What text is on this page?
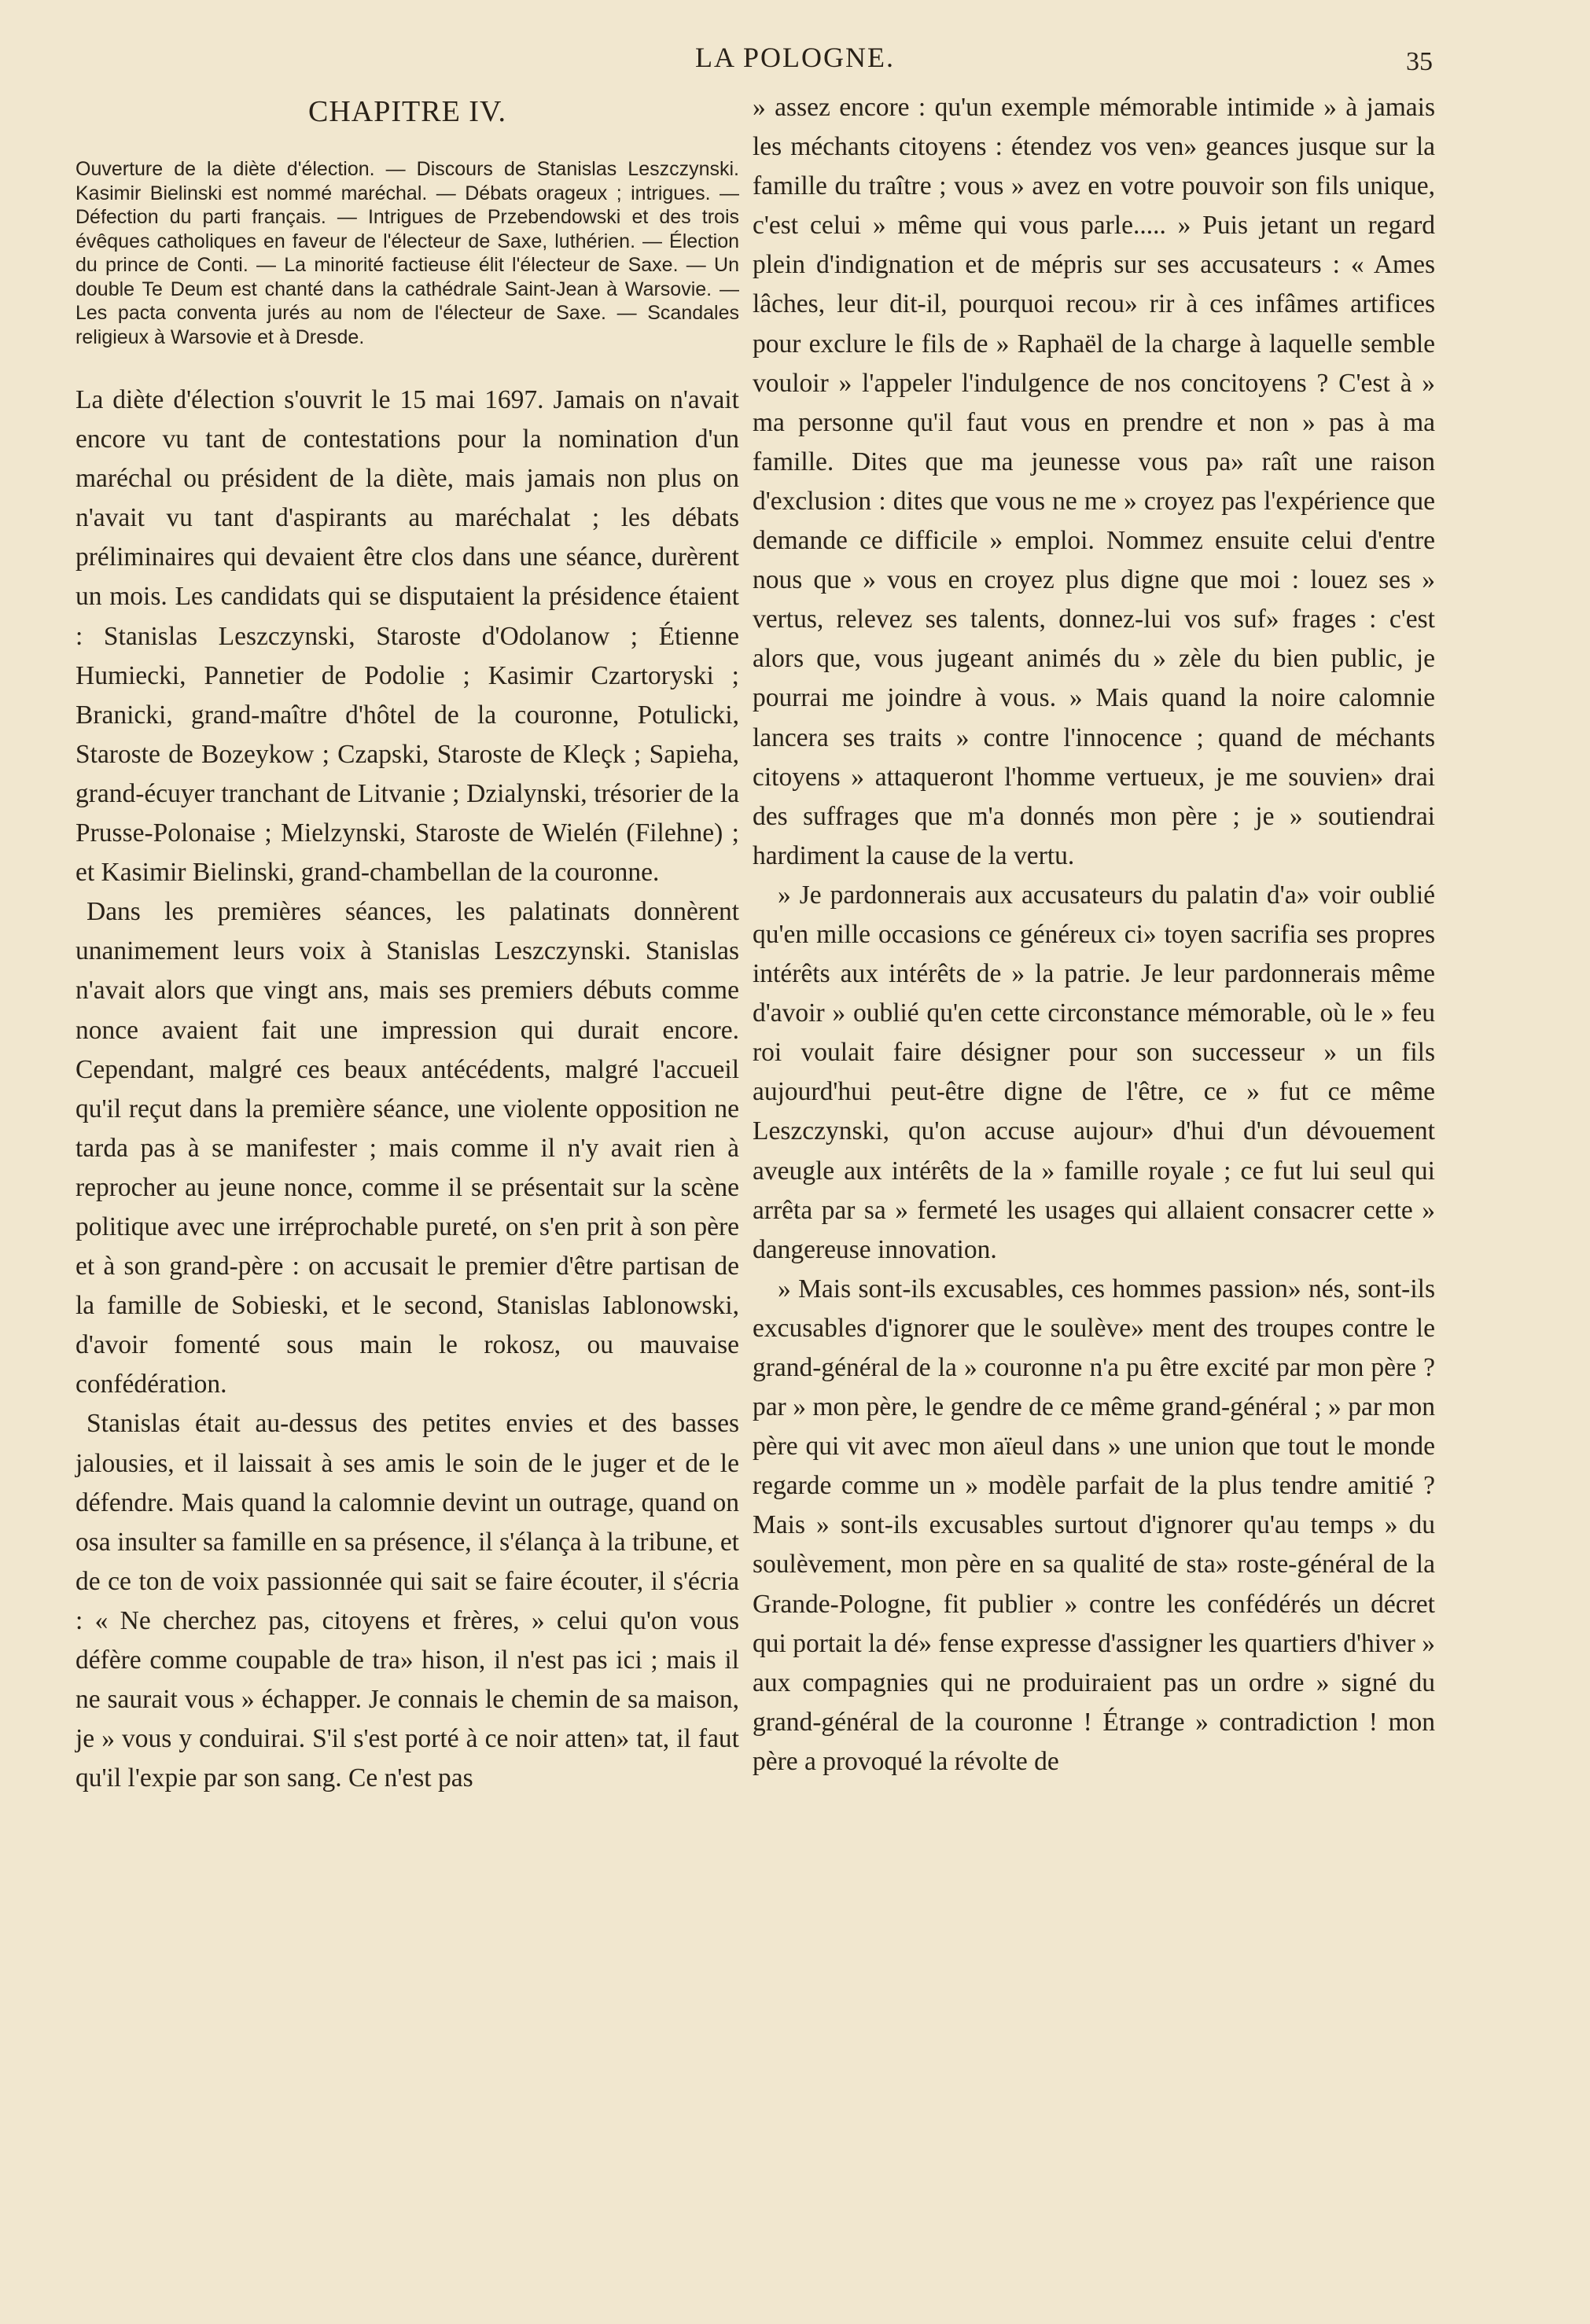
LA POLOGNE.	35
CHAPITRE IV.
Ouverture de la diète d'élection. — Discours de Stanislas Leszczynski. Kasimir Bielinski est nommé maréchal. — Débats orageux ; intrigues. — Défection du parti français. — Intrigues de Przebendowski et des trois évêques catholiques en faveur de l'électeur de Saxe, luthérien. — Élection du prince de Conti. — La minorité factieuse élit l'électeur de Saxe. — Un double Te Deum est chanté dans la cathédrale Saint-Jean à Warsovie. — Les pacta conventa jurés au nom de l'électeur de Saxe. — Scandales religieux à Warsovie et à Dresde.

La diète d'élection s'ouvrit le 15 mai 1697. Jamais on n'avait encore vu tant de contestations pour la nomination d'un maréchal ou président de la diète, mais jamais non plus on n'avait vu tant d'aspirants au maréchalat ; les débats préliminaires qui devaient être clos dans une séance, durèrent un mois. Les candidats qui se disputaient la présidence étaient : Stanislas Leszczynski, Staroste d'Odolanow ; Étienne Humiecki, Pannetier de Podolie ; Kasimir Czartoryski ; Branicki, grand-maître d'hôtel de la couronne, Potulicki, Staroste de Bozeykow ; Czapski, Staroste de Kleçk ; Sapieha, grand-écuyer tranchant de Litvanie ; Dzialynski, trésorier de la Prusse-Polonaise ; Mielzynski, Staroste de Wielén (Filehne) ; et Kasimir Bielinski, grand-chambellan de la couronne.

Dans les premières séances, les palatinats donnèrent unanimement leurs voix à Stanislas Leszczynski. Stanislas n'avait alors que vingt ans, mais ses premiers débuts comme nonce avaient fait une impression qui durait encore. Cependant, malgré ces beaux antécédents, malgré l'accueil qu'il reçut dans la première séance, une violente opposition ne tarda pas à se manifester ; mais comme il n'y avait rien à reprocher au jeune nonce, comme il se présentait sur la scène politique avec une irréprochable pureté, on s'en prit à son père et à son grand-père : on accusait le premier d'être partisan de la famille de Sobieski, et le second, Stanislas Iablonowski, d'avoir fomenté sous main le rokosz, ou mauvaise confédération.

Stanislas était au-dessus des petites envies et des basses jalousies, et il laissait à ses amis le soin de le juger et de le défendre. Mais quand la calomnie devint un outrage, quand on osa insulter sa famille en sa présence, il s'élança à la tribune, et de ce ton de voix passionnée qui sait se faire écouter, il s'écria : « Ne cherchez pas, citoyens et frères, » celui qu'on vous défère comme coupable de tra» hison, il n'est pas ici ; mais il ne saurait vous » échapper. Je connais le chemin de sa maison, je » vous y conduirai. S'il s'est porté à ce noir atten» tat, il faut qu'il l'expie par son sang. Ce n'est pas

» assez encore : qu'un exemple mémorable intimide » à jamais les méchants citoyens : étendez vos ven» geances jusque sur la famille du traître ; vous » avez en votre pouvoir son fils unique, c'est celui » même qui vous parle..... » Puis jetant un regard plein d'indignation et de mépris sur ses accusateurs : « Ames lâches, leur dit-il, pourquoi recou» rir à ces infâmes artifices pour exclure le fils de » Raphaël de la charge à laquelle semble vouloir » l'appeler l'indulgence de nos concitoyens ? C'est à » ma personne qu'il faut vous en prendre et non » pas à ma famille. Dites que ma jeunesse vous pa» raît une raison d'exclusion : dites que vous ne me » croyez pas l'expérience que demande ce difficile » emploi. Nommez ensuite celui d'entre nous que » vous en croyez plus digne que moi : louez ses » vertus, relevez ses talents, donnez-lui vos suf» frages : c'est alors que, vous jugeant animés du » zèle du bien public, je pourrai me joindre à vous. » Mais quand la noire calomnie lancera ses traits » contre l'innocence ; quand de méchants citoyens » attaqueront l'homme vertueux, je me souvien» drai des suffrages que m'a donnés mon père ; je » soutiendrai hardiment la cause de la vertu.

» Je pardonnerais aux accusateurs du palatin d'a» voir oublié qu'en mille occasions ce généreux ci» toyen sacrifia ses propres intérêts aux intérêts de » la patrie. Je leur pardonnerais même d'avoir » oublié qu'en cette circonstance mémorable, où le » feu roi voulait faire désigner pour son successeur » un fils aujourd'hui peut-être digne de l'être, ce » fut ce même Leszczynski, qu'on accuse aujour» d'hui d'un dévouement aveugle aux intérêts de la » famille royale ; ce fut lui seul qui arrêta par sa » fermeté les usages qui allaient consacrer cette » dangereuse innovation.

» Mais sont-ils excusables, ces hommes passion» nés, sont-ils excusables d'ignorer que le soulève» ment des troupes contre le grand-général de la » couronne n'a pu être excité par mon père ? par » mon père, le gendre de ce même grand-général ; » par mon père qui vit avec mon aïeul dans » une union que tout le monde regarde comme un » modèle parfait de la plus tendre amitié ? Mais » sont-ils excusables surtout d'ignorer qu'au temps » du soulèvement, mon père en sa qualité de sta» roste-général de la Grande-Pologne, fit publier » contre les confédérés un décret qui portait la dé» fense expresse d'assigner les quartiers d'hiver » aux compagnies qui ne produiraient pas un ordre » signé du grand-général de la couronne ! Étrange » contradiction ! mon père a provoqué la révolte de
